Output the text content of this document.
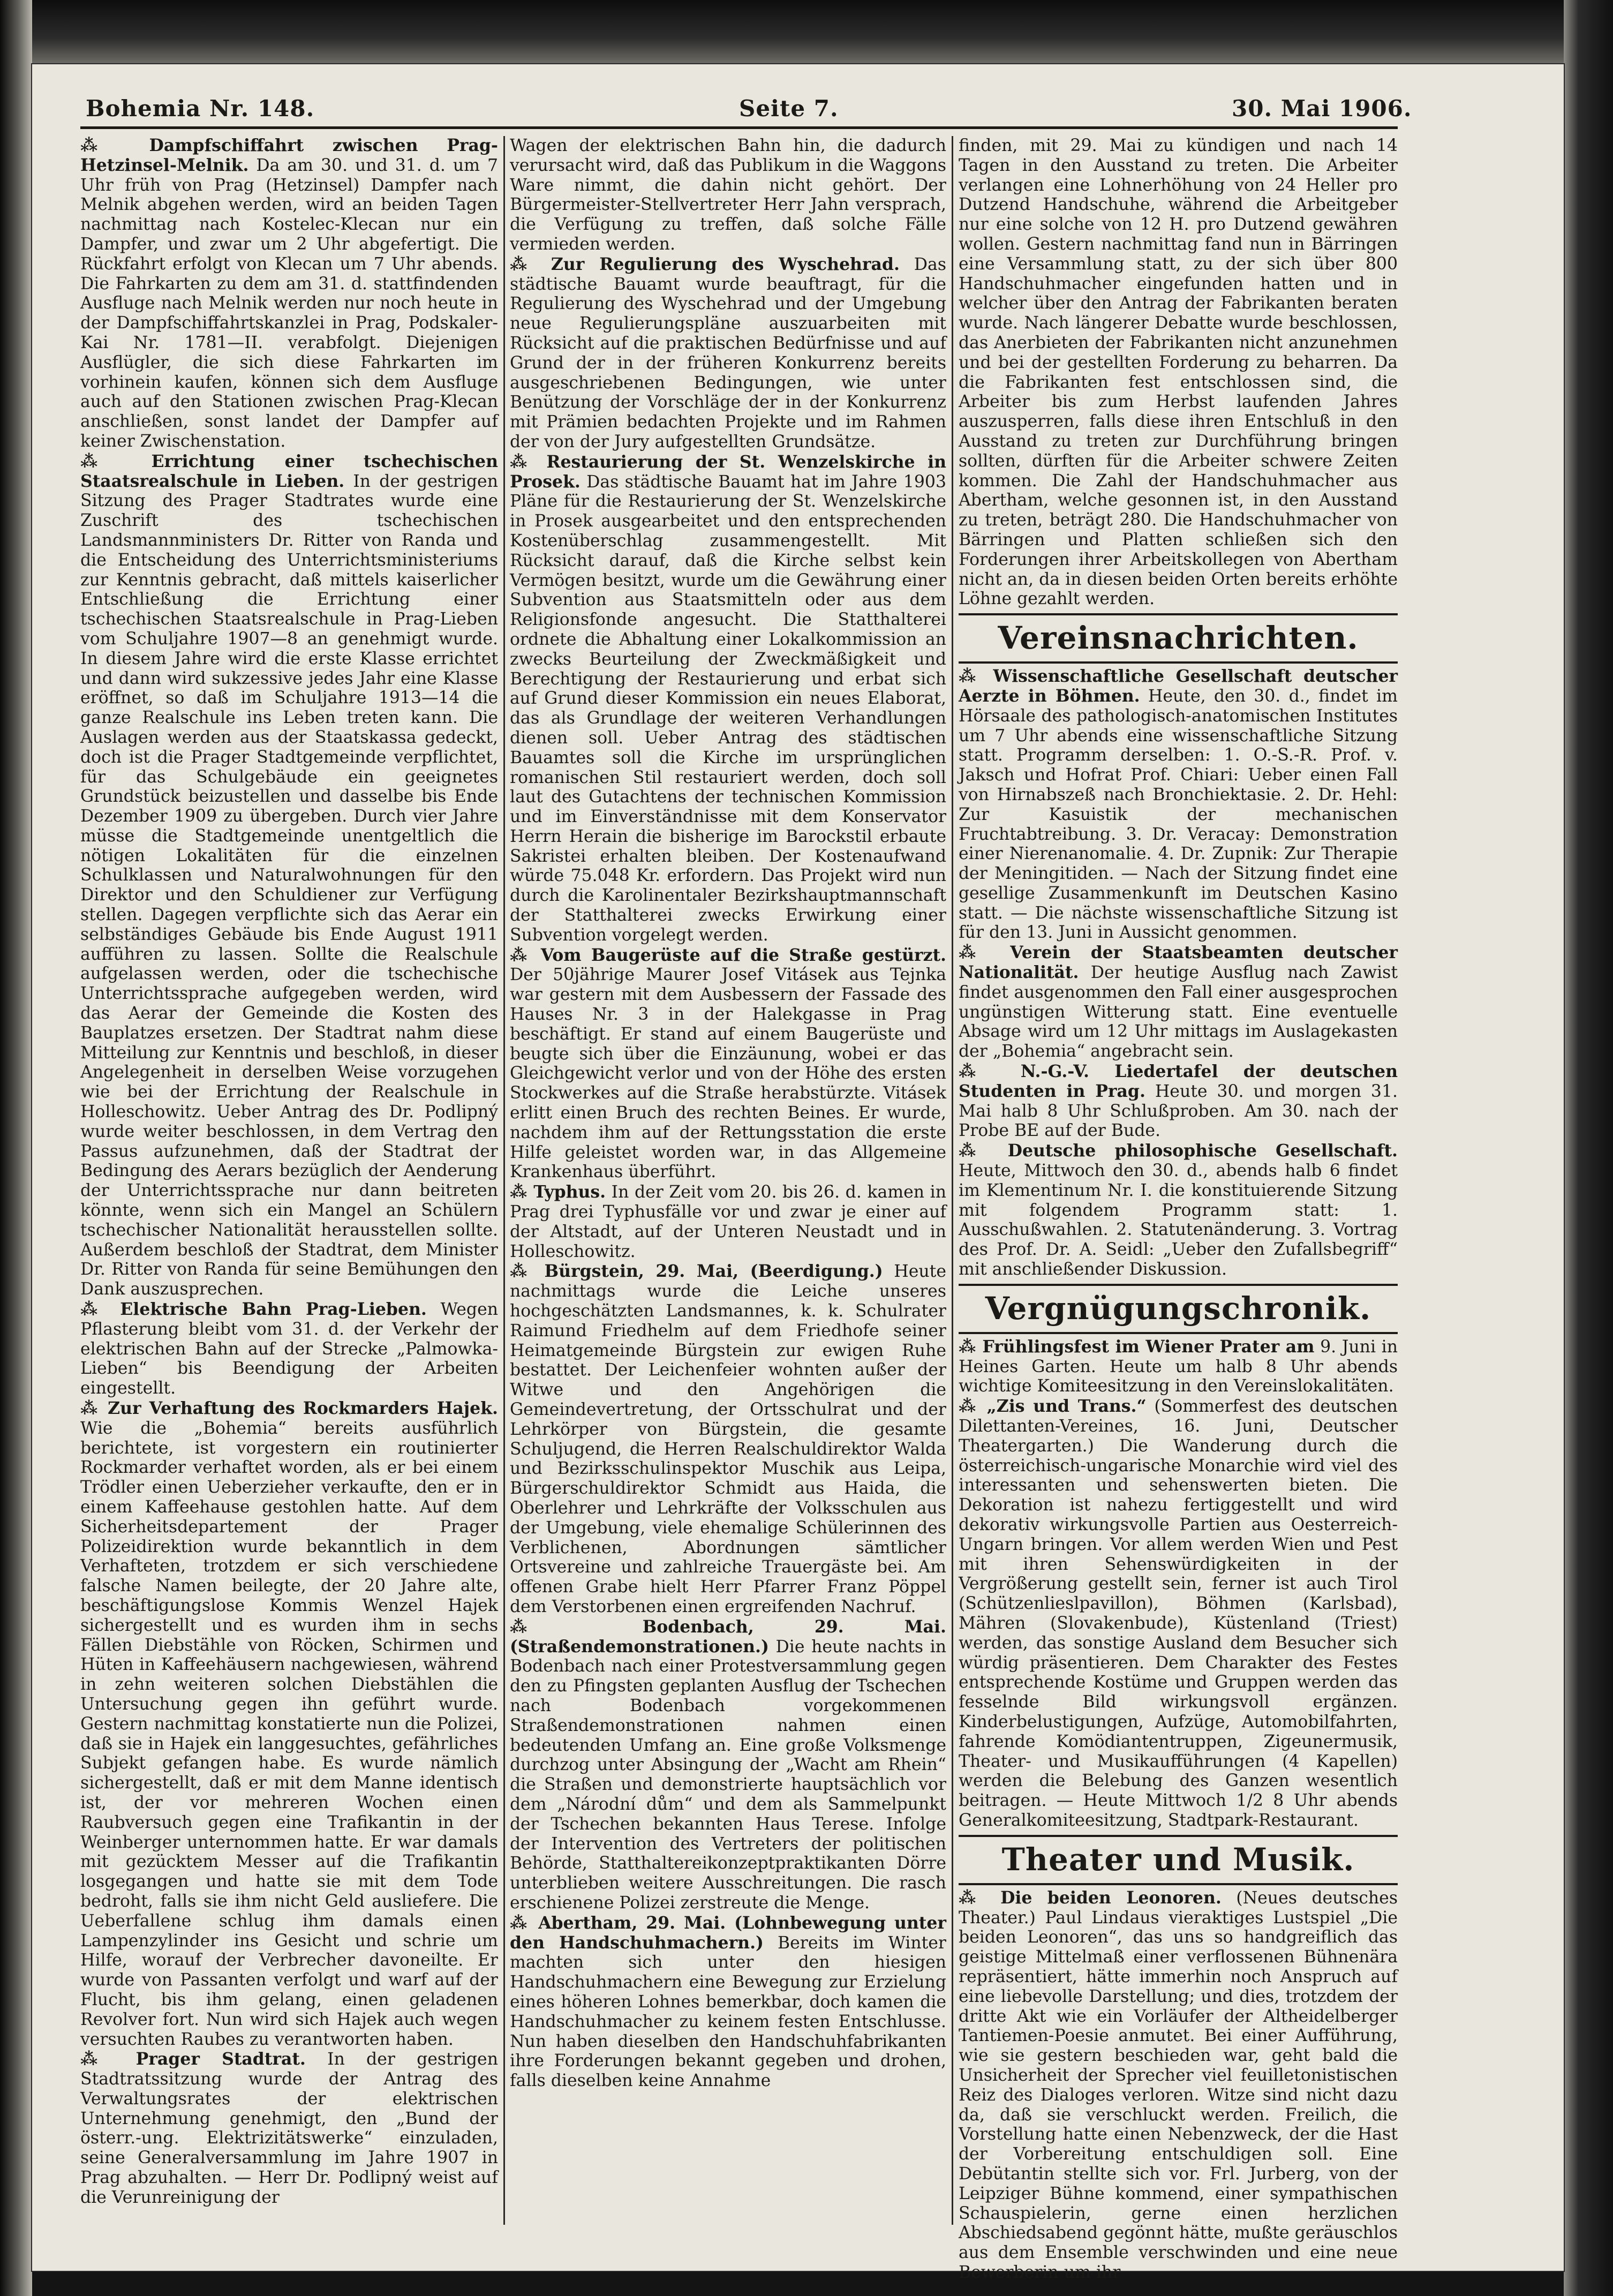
Bohemia Nr. 148.	Seite 7.	30. Mai 1906.

⁂ Dampfschiffahrt zwischen Prag-Hetzinsel-Melnik. Da am 30. und 31. d. um 7 Uhr früh von Prag (Hetzinsel) Dampfer nach Melnik abgehen werden, wird an beiden Tagen nachmittag nach Kostelec-Klecan nur ein Dampfer, und zwar um 2 Uhr abgefertigt. Die Rückfahrt erfolgt von Klecan um 7 Uhr abends. Die Fahrkarten zu dem am 31. d. stattfindenden Ausfluge nach Melnik werden nur noch heute in der Dampfschiffahrtskanzlei in Prag, Podskaler-Kai Nr. 1781—II. verabfolgt. Diejenigen Ausflügler, die sich diese Fahrkarten im vorhinein kaufen, können sich dem Ausfluge auch auf den Stationen zwischen Prag-Klecan anschließen, sonst landet der Dampfer auf keiner Zwischenstation.

⁂ Errichtung einer tschechischen Staatsrealschule in Lieben. In der gestrigen Sitzung des Prager Stadtrates wurde eine Zuschrift des tschechischen Landsmannministers Dr. Ritter von Randa und die Entscheidung des Unterrichtsministeriums zur Kenntnis gebracht, daß mittels kaiserlicher Entschließung die Errichtung einer tschechischen Staatsrealschule in Prag-Lieben vom Schuljahre 1907—8 an genehmigt wurde. In diesem Jahre wird die erste Klasse errichtet und dann wird sukzessive jedes Jahr eine Klasse eröffnet, so daß im Schuljahre 1913—14 die ganze Realschule ins Leben treten kann. Die Auslagen werden aus der Staatskassa gedeckt, doch ist die Prager Stadtgemeinde verpflichtet, für das Schulgebäude ein geeignetes Grundstück beizustellen und dasselbe bis Ende Dezember 1909 zu übergeben. Durch vier Jahre müsse die Stadtgemeinde unentgeltlich die nötigen Lokalitäten für die einzelnen Schulklassen und Naturalwohnungen für den Direktor und den Schuldiener zur Verfügung stellen. Dagegen verpflichte sich das Aerar ein selbständiges Gebäude bis Ende August 1911 aufführen zu lassen. Sollte die Realschule aufgelassen werden, oder die tschechische Unterrichtssprache aufgegeben werden, wird das Aerar der Gemeinde die Kosten des Bauplatzes ersetzen. Der Stadtrat nahm diese Mitteilung zur Kenntnis und beschloß, in dieser Angelegenheit in derselben Weise vorzugehen wie bei der Errichtung der Realschule in Holleschowitz. Ueber Antrag des Dr. Podlipný wurde weiter beschlossen, in dem Vertrag den Passus aufzunehmen, daß der Stadtrat der Bedingung des Aerars bezüglich der Aenderung der Unterrichtssprache nur dann beitreten könnte, wenn sich ein Mangel an Schülern tschechischer Nationalität herausstellen sollte. Außerdem beschloß der Stadtrat, dem Minister Dr. Ritter von Randa für seine Bemühungen den Dank auszusprechen.

⁂ Elektrische Bahn Prag-Lieben. Wegen Pflasterung bleibt vom 31. d. der Verkehr der elektrischen Bahn auf der Strecke „Palmowka-Lieben“ bis Beendigung der Arbeiten eingestellt.

⁂ Zur Verhaftung des Rockmarders Hajek. Wie die „Bohemia“ bereits ausführlich berichtete, ist vorgestern ein routinierter Rockmarder verhaftet worden, als er bei einem Trödler einen Ueberzieher verkaufte, den er in einem Kaffeehause gestohlen hatte. Auf dem Sicherheitsdepartement der Prager Polizeidirektion wurde bekanntlich in dem Verhafteten, trotzdem er sich verschiedene falsche Namen beilegte, der 20 Jahre alte, beschäftigungslose Kommis Wenzel Hajek sichergestellt und es wurden ihm in sechs Fällen Diebstähle von Röcken, Schirmen und Hüten in Kaffeehäusern nachgewiesen, während in zehn weiteren solchen Diebstählen die Untersuchung gegen ihn geführt wurde. Gestern nachmittag konstatierte nun die Polizei, daß sie in Hajek ein langgesuchtes, gefährliches Subjekt gefangen habe. Es wurde nämlich sichergestellt, daß er mit dem Manne identisch ist, der vor mehreren Wochen einen Raubversuch gegen eine Trafikantin in der Weinberger unternommen hatte. Er war damals mit gezücktem Messer auf die Trafikantin losgegangen und hatte sie mit dem Tode bedroht, falls sie ihm nicht Geld ausliefere. Die Ueberfallene schlug ihm damals einen Lampenzylinder ins Gesicht und schrie um Hilfe, worauf der Verbrecher davoneilte. Er wurde von Passanten verfolgt und warf auf der Flucht, bis ihm gelang, einen geladenen Revolver fort. Nun wird sich Hajek auch wegen versuchten Raubes zu verantworten haben.

⁂ Prager Stadtrat. In der gestrigen Stadtratssitzung wurde der Antrag des Verwaltungsrates der elektrischen Unternehmung genehmigt, den „Bund der österr.-ung. Elektrizitätswerke“ einzuladen, seine Generalversammlung im Jahre 1907 in Prag abzuhalten. — Herr Dr. Podlipný weist auf die Verunreinigung der

Wagen der elektrischen Bahn hin, die dadurch verursacht wird, daß das Publikum in die Waggons Ware nimmt, die dahin nicht gehört. Der Bürgermeister-Stellvertreter Herr Jahn versprach, die Verfügung zu treffen, daß solche Fälle vermieden werden.

⁂ Zur Regulierung des Wyschehrad. Das städtische Bauamt wurde beauftragt, für die Regulierung des Wyschehrad und der Umgebung neue Regulierungspläne auszuarbeiten mit Rücksicht auf die praktischen Bedürfnisse und auf Grund der in der früheren Konkurrenz bereits ausgeschriebenen Bedingungen, wie unter Benützung der Vorschläge der in der Konkurrenz mit Prämien bedachten Projekte und im Rahmen der von der Jury aufgestellten Grundsätze.

⁂ Restaurierung der St. Wenzelskirche in Prosek. Das städtische Bauamt hat im Jahre 1903 Pläne für die Restaurierung der St. Wenzelskirche in Prosek ausgearbeitet und den entsprechenden Kostenüberschlag zusammengestellt. Mit Rücksicht darauf, daß die Kirche selbst kein Vermögen besitzt, wurde um die Gewährung einer Subvention aus Staatsmitteln oder aus dem Religionsfonde angesucht. Die Statthalterei ordnete die Abhaltung einer Lokalkommission an zwecks Beurteilung der Zweckmäßigkeit und Berechtigung der Restaurierung und erbat sich auf Grund dieser Kommission ein neues Elaborat, das als Grundlage der weiteren Verhandlungen dienen soll. Ueber Antrag des städtischen Bauamtes soll die Kirche im ursprünglichen romanischen Stil restauriert werden, doch soll laut des Gutachtens der technischen Kommission und im Einverständnisse mit dem Konservator Herrn Herain die bisherige im Barockstil erbaute Sakristei erhalten bleiben. Der Kostenaufwand würde 75.048 Kr. erfordern. Das Projekt wird nun durch die Karolinentaler Bezirkshauptmannschaft der Statthalterei zwecks Erwirkung einer Subvention vorgelegt werden.

⁂ Vom Baugerüste auf die Straße gestürzt. Der 50jährige Maurer Josef Vitásek aus Tejnka war gestern mit dem Ausbessern der Fassade des Hauses Nr. 3 in der Halekgasse in Prag beschäftigt. Er stand auf einem Baugerüste und beugte sich über die Einzäunung, wobei er das Gleichgewicht verlor und von der Höhe des ersten Stockwerkes auf die Straße herabstürzte. Vitásek erlitt einen Bruch des rechten Beines. Er wurde, nachdem ihm auf der Rettungsstation die erste Hilfe geleistet worden war, in das Allgemeine Krankenhaus überführt.

⁂ Typhus. In der Zeit vom 20. bis 26. d. kamen in Prag drei Typhusfälle vor und zwar je einer auf der Altstadt, auf der Unteren Neustadt und in Holleschowitz.

⁂ Bürgstein, 29. Mai, (Beerdigung.) Heute nachmittags wurde die Leiche unseres hochgeschätzten Landsmannes, k. k. Schulrater Raimund Friedhelm auf dem Friedhofe seiner Heimatgemeinde Bürgstein zur ewigen Ruhe bestattet. Der Leichenfeier wohnten außer der Witwe und den Angehörigen die Gemeindevertretung, der Ortsschulrat und der Lehrkörper von Bürgstein, die gesamte Schuljugend, die Herren Realschuldirektor Walda und Bezirksschulinspektor Muschik aus Leipa, Bürgerschuldirektor Schmidt aus Haida, die Oberlehrer und Lehrkräfte der Volksschulen aus der Umgebung, viele ehemalige Schülerinnen des Verblichenen, Abordnungen sämtlicher Ortsvereine und zahlreiche Trauergäste bei. Am offenen Grabe hielt Herr Pfarrer Franz Pöppel dem Verstorbenen einen ergreifenden Nachruf.

⁂ Bodenbach, 29. Mai. (Straßendemonstrationen.) Die heute nachts in Bodenbach nach einer Protestversammlung gegen den zu Pfingsten geplanten Ausflug der Tschechen nach Bodenbach vorgekommenen Straßendemonstrationen nahmen einen bedeutenden Umfang an. Eine große Volksmenge durchzog unter Absingung der „Wacht am Rhein“ die Straßen und demonstrierte hauptsächlich vor dem „Národní dům“ und dem als Sammelpunkt der Tschechen bekannten Haus Terese. Infolge der Intervention des Vertreters der politischen Behörde, Statthaltereikonzeptpraktikanten Dörre unterblieben weitere Ausschreitungen. Die rasch erschienene Polizei zerstreute die Menge.

⁂ Abertham, 29. Mai. (Lohnbewegung unter den Handschuhmachern.) Bereits im Winter machten sich unter den hiesigen Handschuhmachern eine Bewegung zur Erzielung eines höheren Lohnes bemerkbar, doch kamen die Handschuhmacher zu keinem festen Entschlusse. Nun haben dieselben den Handschuhfabrikanten ihre Forderungen bekannt gegeben und drohen, falls dieselben keine Annahme

finden, mit 29. Mai zu kündigen und nach 14 Tagen in den Ausstand zu treten. Die Arbeiter verlangen eine Lohnerhöhung von 24 Heller pro Dutzend Handschuhe, während die Arbeitgeber nur eine solche von 12 H. pro Dutzend gewähren wollen. Gestern nachmittag fand nun in Bärringen eine Versammlung statt, zu der sich über 800 Handschuhmacher eingefunden hatten und in welcher über den Antrag der Fabrikanten beraten wurde. Nach längerer Debatte wurde beschlossen, das Anerbieten der Fabrikanten nicht anzunehmen und bei der gestellten Forderung zu beharren. Da die Fabrikanten fest entschlossen sind, die Arbeiter bis zum Herbst laufenden Jahres auszusperren, falls diese ihren Entschluß in den Ausstand zu treten zur Durchführung bringen sollten, dürften für die Arbeiter schwere Zeiten kommen. Die Zahl der Handschuhmacher aus Abertham, welche gesonnen ist, in den Ausstand zu treten, beträgt 280. Die Handschuhmacher von Bärringen und Platten schließen sich den Forderungen ihrer Arbeitskollegen von Abertham nicht an, da in diesen beiden Orten bereits erhöhte Löhne gezahlt werden.

Vereinsnachrichten.

⁂ Wissenschaftliche Gesellschaft deutscher Aerzte in Böhmen. Heute, den 30. d., findet im Hörsaale des pathologisch-anatomischen Institutes um 7 Uhr abends eine wissenschaftliche Sitzung statt. Programm derselben: 1. O.-S.-R. Prof. v. Jaksch und Hofrat Prof. Chiari: Ueber einen Fall von Hirnabszeß nach Bronchiektasie. 2. Dr. Hehl: Zur Kasuistik der mechanischen Fruchtabtreibung. 3. Dr. Veracay: Demonstration einer Nierenanomalie. 4. Dr. Zupnik: Zur Therapie der Meningitiden. — Nach der Sitzung findet eine gesellige Zusammenkunft im Deutschen Kasino statt. — Die nächste wissenschaftliche Sitzung ist für den 13. Juni in Aussicht genommen.

⁂ Verein der Staatsbeamten deutscher Nationalität. Der heutige Ausflug nach Zawist findet ausgenommen den Fall einer ausgesprochen ungünstigen Witterung statt. Eine eventuelle Absage wird um 12 Uhr mittags im Auslagekasten der „Bohemia“ angebracht sein.

⁂ N.-G.-V. Liedertafel der deutschen Studenten in Prag. Heute 30. und morgen 31. Mai halb 8 Uhr Schlußproben. Am 30. nach der Probe BE auf der Bude.

⁂ Deutsche philosophische Gesellschaft. Heute, Mittwoch den 30. d., abends halb 6 findet im Klementinum Nr. I. die konstituierende Sitzung mit folgendem Programm statt: 1. Ausschußwahlen. 2. Statutenänderung. 3. Vortrag des Prof. Dr. A. Seidl: „Ueber den Zufallsbegriff“ mit anschließender Diskussion.

Vergnügungschronik.

⁂ Frühlingsfest im Wiener Prater am 9. Juni in Heines Garten. Heute um halb 8 Uhr abends wichtige Komiteesitzung in den Vereinslokalitäten.

⁂ „Zis und Trans.“ (Sommerfest des deutschen Dilettanten-Vereines, 16. Juni, Deutscher Theatergarten.) Die Wanderung durch die österreichisch-ungarische Monarchie wird viel des interessanten und sehenswerten bieten. Die Dekoration ist nahezu fertiggestellt und wird dekorativ wirkungsvolle Partien aus Oesterreich-Ungarn bringen. Vor allem werden Wien und Pest mit ihren Sehenswürdigkeiten in der Vergrößerung gestellt sein, ferner ist auch Tirol (Schützenlieslpavillon), Böhmen (Karlsbad), Mähren (Slovakenbude), Küstenland (Triest) werden, das sonstige Ausland dem Besucher sich würdig präsentieren. Dem Charakter des Festes entsprechende Kostüme und Gruppen werden das fesselnde Bild wirkungsvoll ergänzen. Kinderbelustigungen, Aufzüge, Automobilfahrten, fahrende Komödiantentruppen, Zigeunermusik, Theater- und Musikaufführungen (4 Kapellen) werden die Belebung des Ganzen wesentlich beitragen. — Heute Mittwoch 1/2 8 Uhr abends Generalkomiteesitzung, Stadtpark-Restaurant.

Theater und Musik.

⁂ Die beiden Leonoren. (Neues deutsches Theater.) Paul Lindaus vieraktiges Lustspiel „Die beiden Leonoren“, das uns so handgreiflich das geistige Mittelmaß einer verflossenen Bühnenära repräsentiert, hätte immerhin noch Anspruch auf eine liebevolle Darstellung; und dies, trotzdem der dritte Akt wie ein Vorläufer der Altheidelberger Tantiemen-Poesie anmutet. Bei einer Aufführung, wie sie gestern beschieden war, geht bald die Unsicherheit der Sprecher viel feuilletonistischen Reiz des Dialoges verloren. Witze sind nicht dazu da, daß sie verschluckt werden. Freilich, die Vorstellung hatte einen Nebenzweck, der die Hast der Vorbereitung entschuldigen soll. Eine Debütantin stellte sich vor. Frl. Jurberg, von der Leipziger Bühne kommend, einer sympathischen Schauspielerin, gerne einen herzlichen Abschiedsabend gegönnt hätte, mußte geräuschlos aus dem Ensemble verschwinden und eine neue Bewerberin um ihr
